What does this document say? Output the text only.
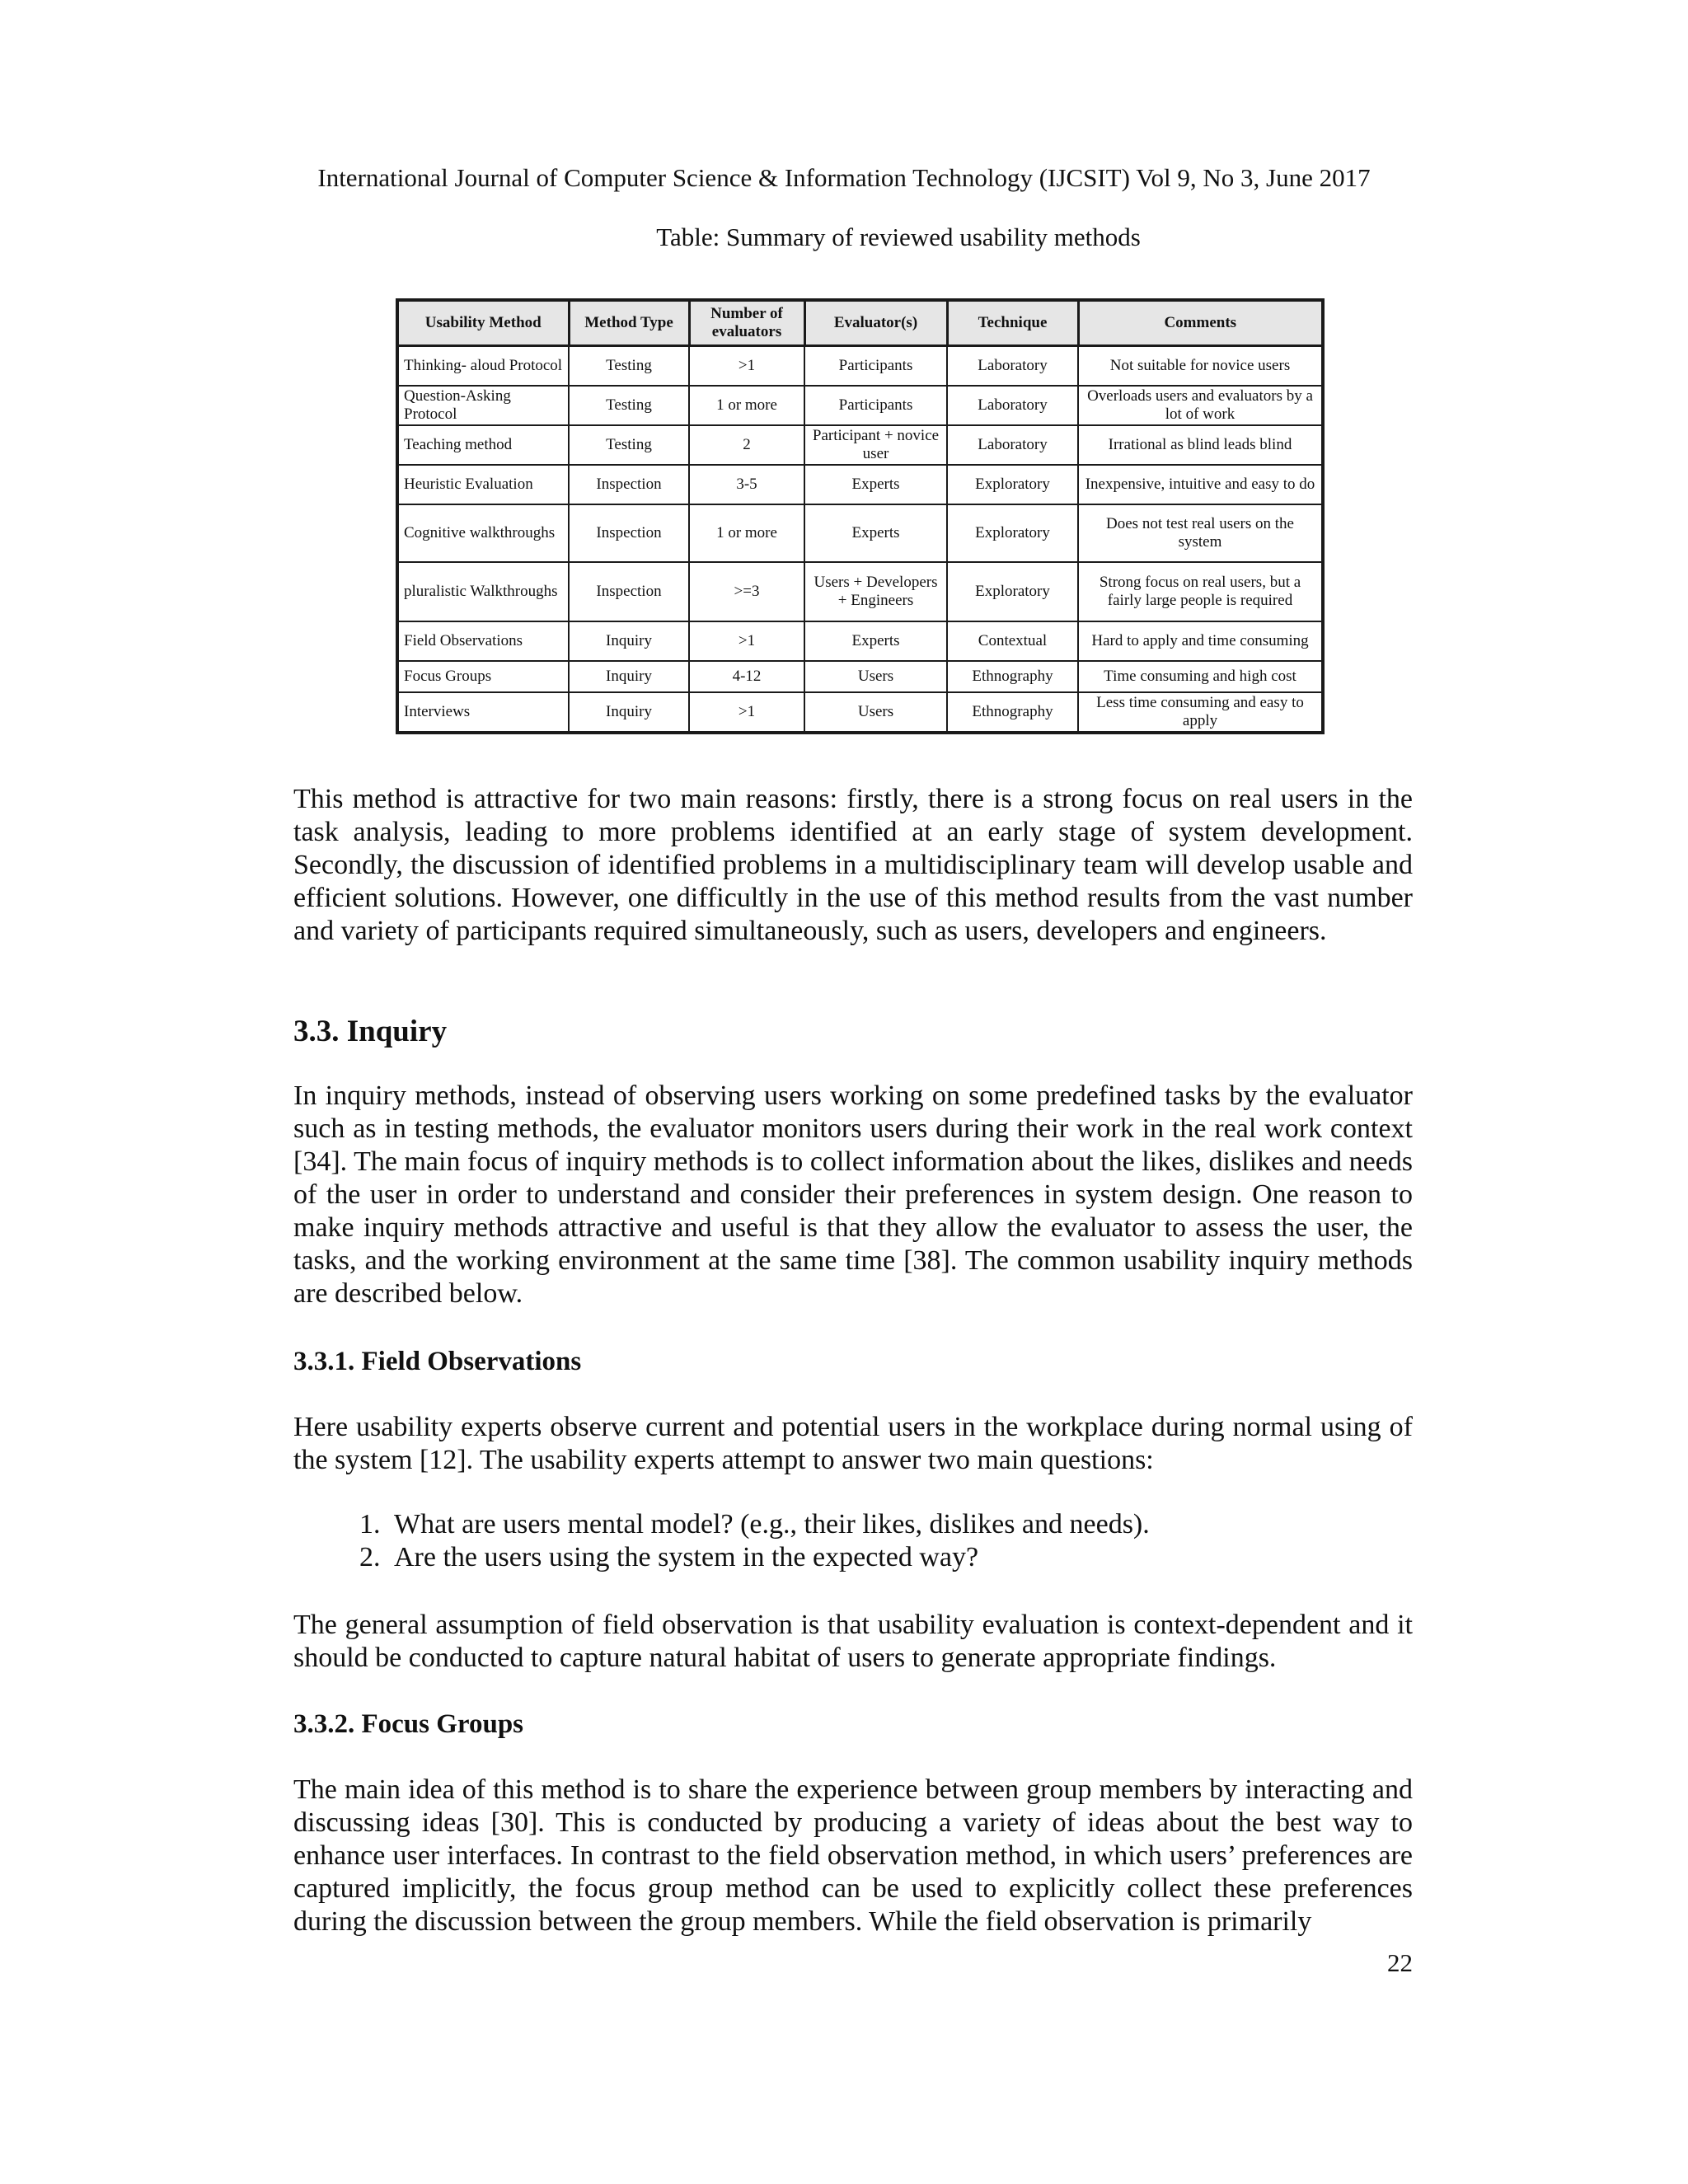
International Journal of Computer Science & Information Technology (IJCSIT) Vol 9, No 3, June 2017
Table: Summary of reviewed usability methods
Usability Method	Method Type	Number of evaluators	Evaluator(s)	Technique	Comments
Thinking- aloud Protocol	Testing	>1	Participants	Laboratory	Not suitable for novice users
Question-Asking Protocol	Testing	1 or more	Participants	Laboratory	Overloads users and evaluators by a lot of work
Teaching method	Testing	2	Participant + novice user	Laboratory	Irrational as blind leads blind
Heuristic Evaluation	Inspection	3-5	Experts	Exploratory	Inexpensive, intuitive and easy to do
Cognitive walkthroughs	Inspection	1 or more	Experts	Exploratory	Does not test real users on the system
pluralistic Walkthroughs	Inspection	>=3	Users + Developers + Engineers	Exploratory	Strong focus on real users, but a fairly large people is required
Field Observations	Inquiry	>1	Experts	Contextual	Hard to apply and time consuming
Focus Groups	Inquiry	4-12	Users	Ethnography	Time consuming and high cost
Interviews	Inquiry	>1	Users	Ethnography	Less time consuming and easy to apply

This method is attractive for two main reasons: firstly, there is a strong focus on real users in the task analysis, leading to more problems identified at an early stage of system development. Secondly, the discussion of identified problems in a multidisciplinary team will develop usable and efficient solutions. However, one difficultly in the use of this method results from the vast number and variety of participants required simultaneously, such as users, developers and engineers.

3.3. Inquiry

In inquiry methods, instead of observing users working on some predefined tasks by the evaluator such as in testing methods, the evaluator monitors users during their work in the real work context [34]. The main focus of inquiry methods is to collect information about the likes, dislikes and needs of the user in order to understand and consider their preferences in system design. One reason to make inquiry methods attractive and useful is that they allow the evaluator to assess the user, the tasks, and the working environment at the same time [38]. The common usability inquiry methods are described below.

3.3.1. Field Observations

Here usability experts observe current and potential users in the workplace during normal using of the system [12]. The usability experts attempt to answer two main questions:

1. What are users mental model? (e.g., their likes, dislikes and needs).
2. Are the users using the system in the expected way?

The general assumption of field observation is that usability evaluation is context-dependent and it should be conducted to capture natural habitat of users to generate appropriate findings.

3.3.2. Focus Groups

The main idea of this method is to share the experience between group members by interacting and discussing ideas [30]. This is conducted by producing a variety of ideas about the best way to enhance user interfaces. In contrast to the field observation method, in which users’ preferences are captured implicitly, the focus group method can be used to explicitly collect these preferences during the discussion between the group members. While the field observation is primarily

22
